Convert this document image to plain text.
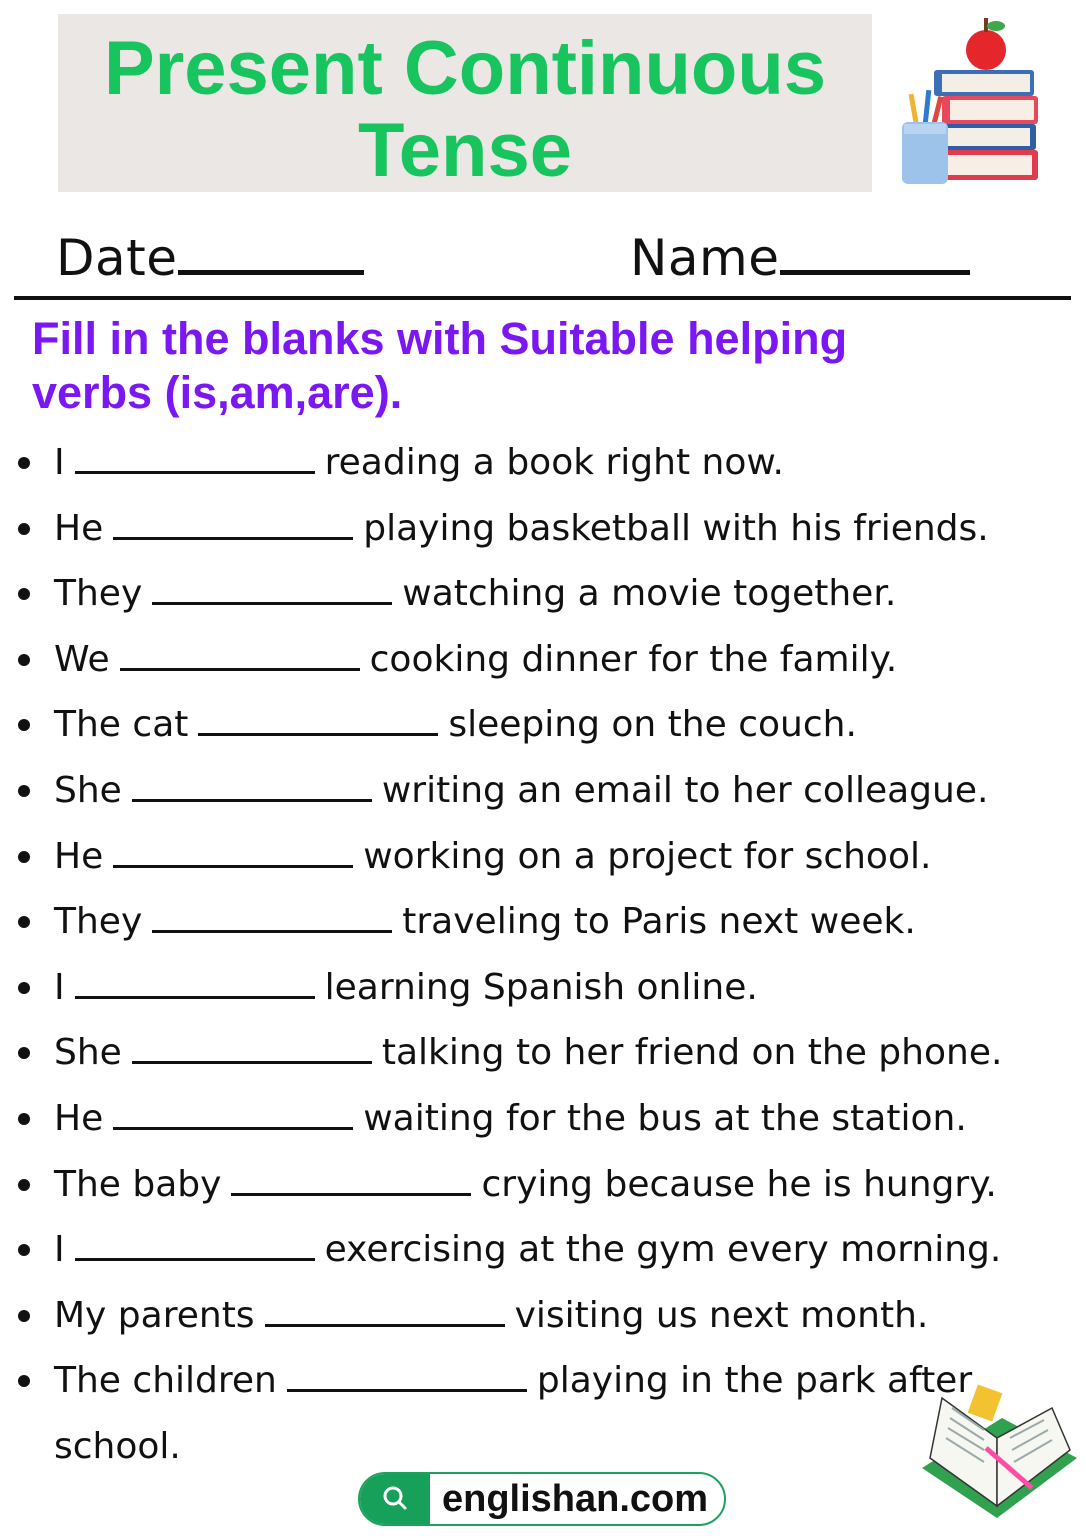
Present Continuous
Tense
Date	Name

Fill in the blanks with Suitable helping
verbs (is,am,are).

I	reading a book right now.
He	playing basketball with his friends.
They	watching a movie together.
We	cooking dinner for the family.
The cat	sleeping on the couch.
She	writing an email to her colleague.
He	working on a project for school.
They	traveling to Paris next week.
I	learning Spanish online.
She	talking to her friend on the phone.
He	waiting for the bus at the station.
The baby	crying because he is hungry.
I	exercising at the gym every morning.
My parents	visiting us next month.
The children	playing in the park after
school.
englishan.com
